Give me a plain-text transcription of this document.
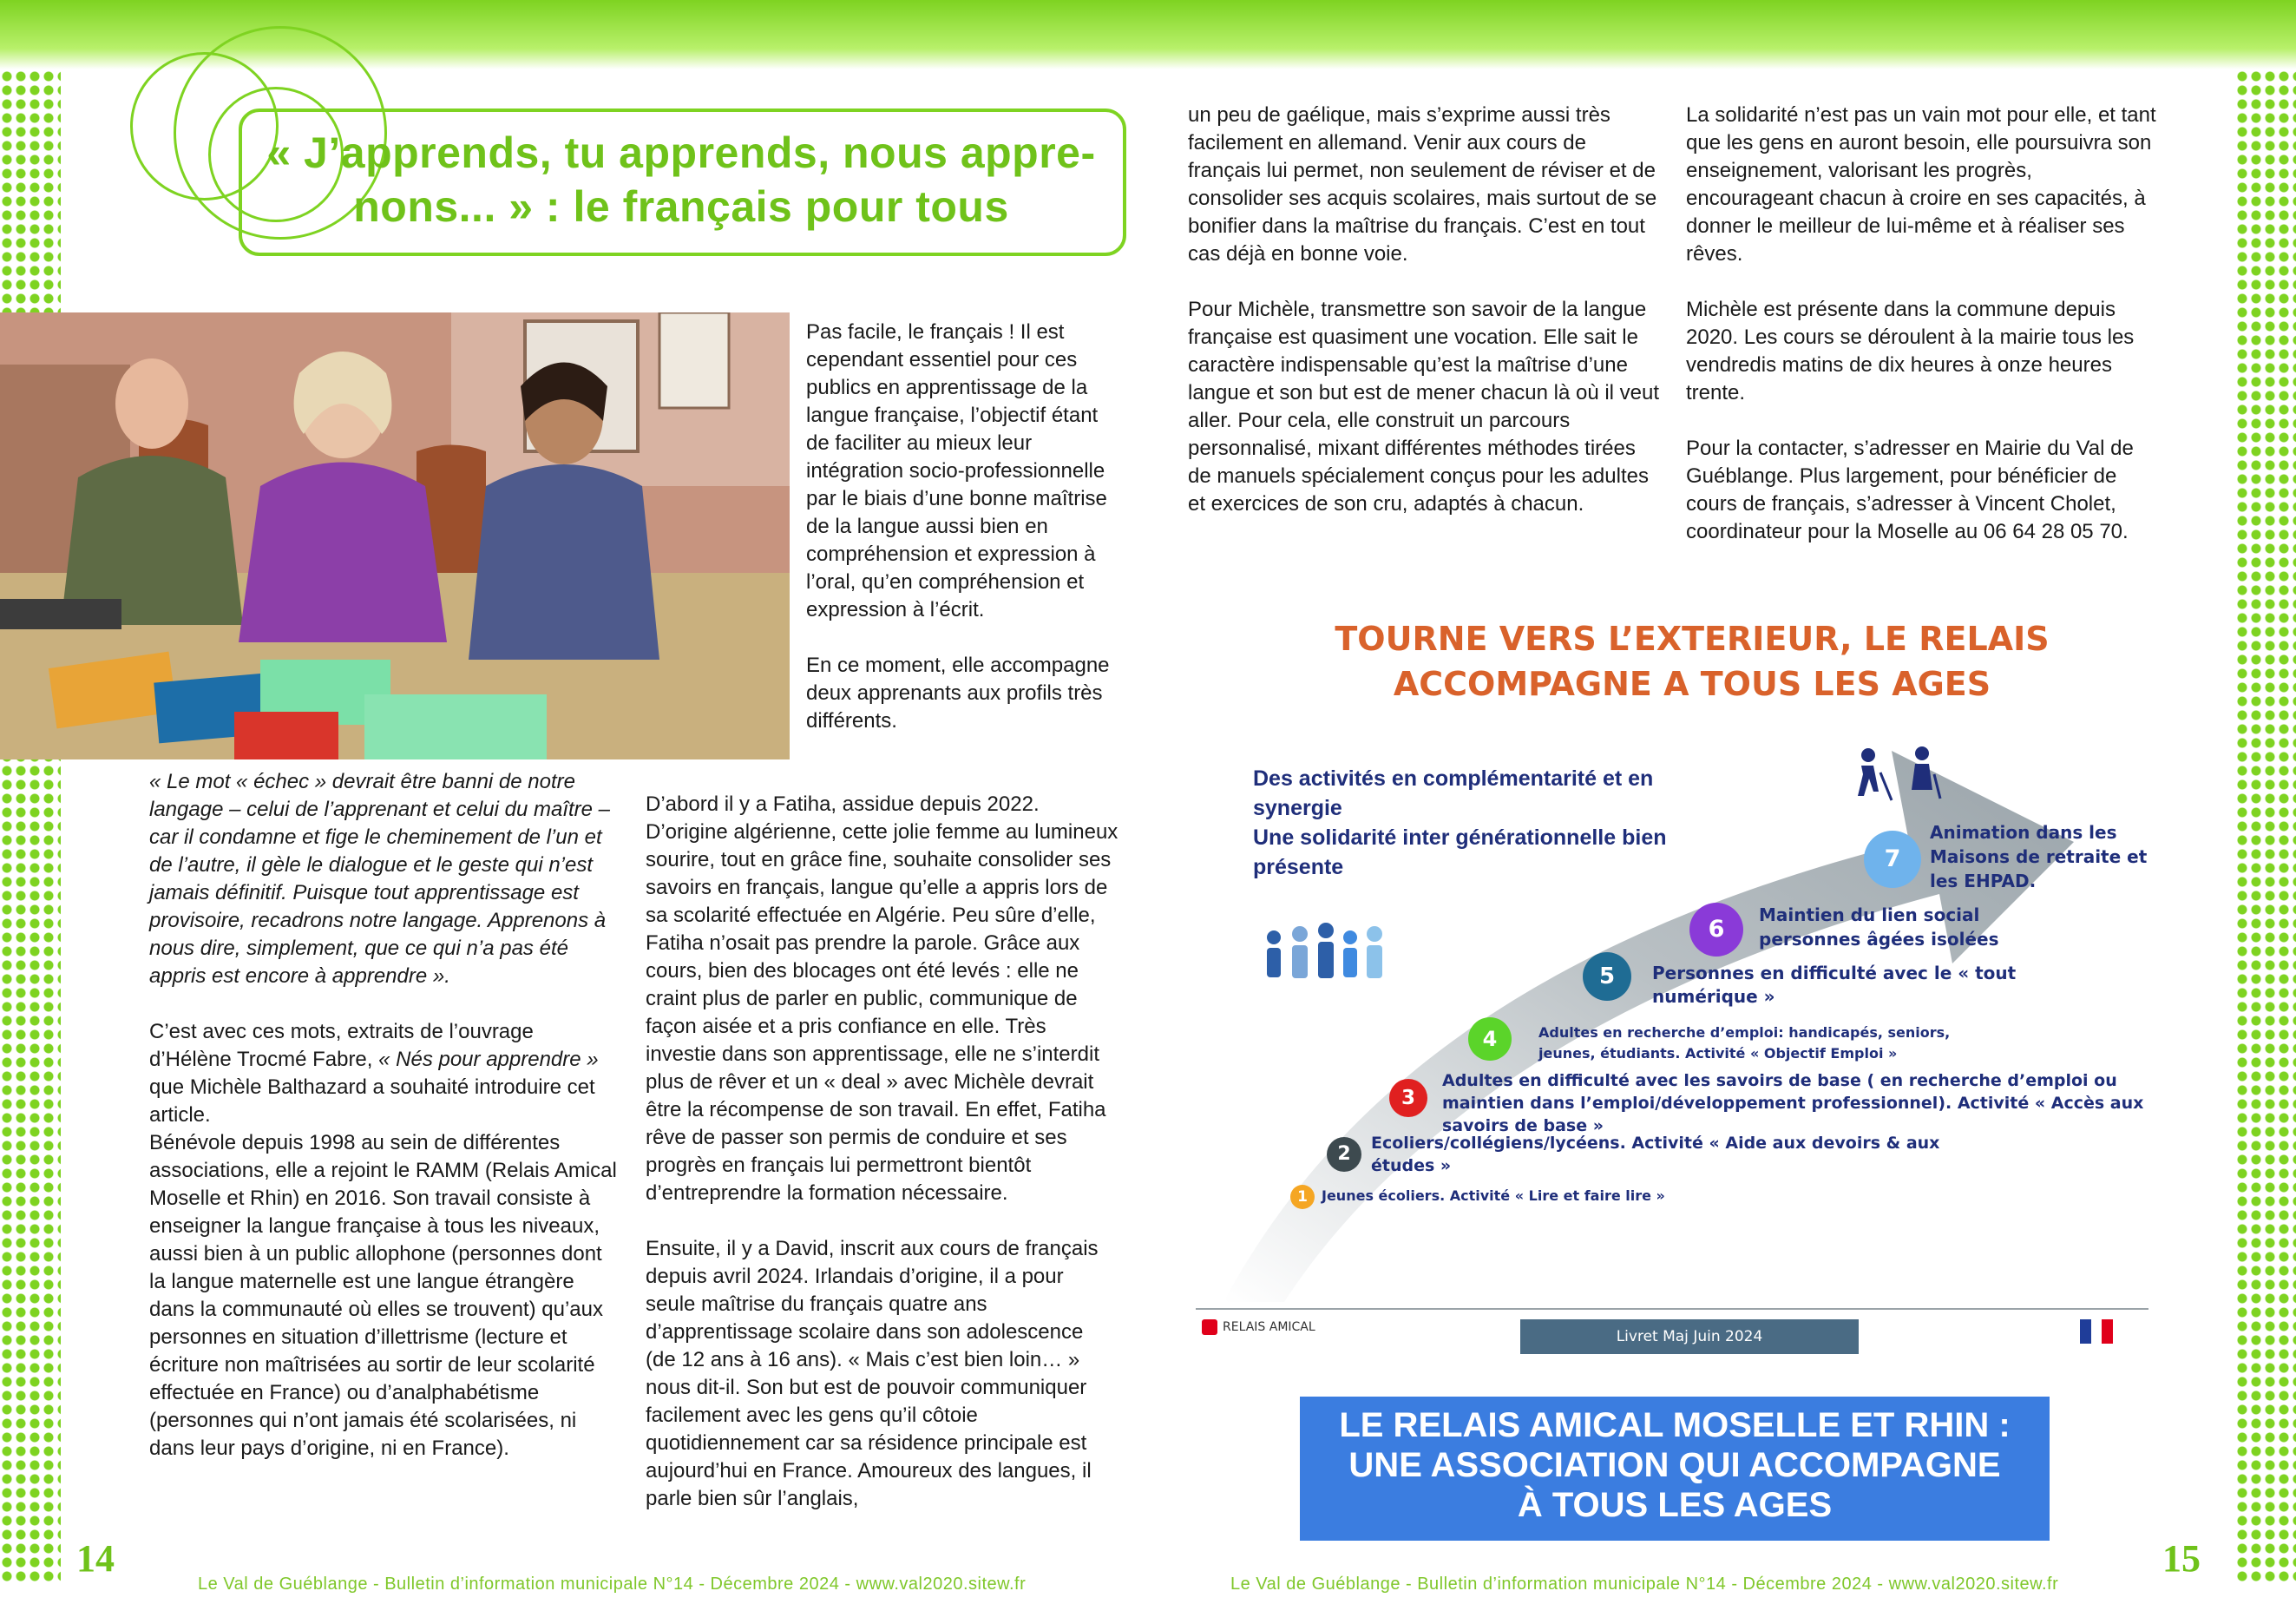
« J’apprends, tu apprends, nous appre-
nons... » : le français pour tous

Pas facile, le français ! Il est cependant essentiel pour ces publics en apprentissage de la langue française, l’objectif étant de faciliter au mieux leur intégration socio-professionnelle par le biais d’une bonne maîtrise de la langue aussi bien en compréhension et expression à l’oral, qu’en compréhension et expression à l’écrit.

En ce moment, elle accompagne deux apprenants aux profils très différents.

« Le mot « échec » devrait être banni de notre langage – celui de l’apprenant et celui du maître – car il condamne et fige le cheminement de l’un et de l’autre, il gèle le dialogue et le geste qui n’est jamais définitif. Puisque tout apprentissage est provisoire, recadrons notre langage. Apprenons à nous dire, simplement, que ce qui n’a pas été appris est encore à apprendre ».

C’est avec ces mots, extraits de l’ouvrage d’Hélène Trocmé Fabre, « Nés pour apprendre » que Michèle Balthazard a souhaité introduire cet article.
Bénévole depuis 1998 au sein de différentes associations, elle a rejoint le RAMM (Relais Amical Moselle et Rhin) en 2016. Son travail consiste à enseigner la langue française à tous les niveaux, aussi bien à un public allophone (personnes dont la langue maternelle est une langue étrangère dans la communauté où elles se trouvent) qu’aux personnes en situation d’illettrisme (lecture et écriture non maîtrisées au sortir de leur scolarité effectuée en France) ou d’analphabétisme (personnes qui n’ont jamais été scolarisées, ni dans leur pays d’origine, ni en France).

D’abord il y a Fatiha, assidue depuis 2022. D’origine algérienne, cette jolie femme au lumineux sourire, tout en grâce fine, souhaite consolider ses savoirs en français, langue qu’elle a appris lors de sa scolarité effectuée en Algérie. Peu sûre d’elle, Fatiha n’osait pas prendre la parole. Grâce aux cours, bien des blocages ont été levés : elle ne craint plus de parler en public, communique de façon aisée et a pris confiance en elle. Très investie dans son apprentissage, elle ne s’interdit plus de rêver et un « deal » avec Michèle devrait être la récompense de son travail. En effet, Fatiha rêve de passer son permis de conduire et ses progrès en français lui permettront bientôt d’entreprendre la formation nécessaire.

Ensuite, il y a David, inscrit aux cours de français depuis avril 2024. Irlandais d’origine, il a pour seule maîtrise du français quatre ans d’apprentissage scolaire dans son adolescence (de 12 ans à 16 ans). « Mais c’est bien loin… » nous dit-il. Son but est de pouvoir communiquer facilement avec les gens qu’il côtoie quotidiennement car sa résidence principale est aujourd’hui en France. Amoureux des langues, il parle bien sûr l’anglais,

un peu de gaélique, mais s’exprime aussi très facilement en allemand. Venir aux cours de français lui permet, non seulement de réviser et de consolider ses acquis scolaires, mais surtout de se bonifier dans la maîtrise du français. C’est en tout cas déjà en bonne voie.

Pour Michèle, transmettre son savoir de la langue française est quasiment une vocation. Elle sait le caractère indispensable qu’est la maîtrise d’une langue et son but est de mener chacun là où il veut aller. Pour cela, elle construit un parcours personnalisé, mixant différentes méthodes tirées de manuels spécialement conçus pour les adultes et exercices de son cru, adaptés à chacun.

La solidarité n’est pas un vain mot pour elle, et tant que les gens en auront besoin, elle poursuivra son enseignement, valorisant les progrès, encourageant chacun à croire en ses capacités, à donner le meilleur de lui-même et à réaliser ses rêves.

Michèle est présente dans la commune depuis 2020. Les cours se déroulent à la mairie tous les vendredis matins de dix heures à onze heures trente.

Pour la contacter, s’adresser en Mairie du Val de Guéblange. Plus largement, pour bénéficier de cours de français, s’adresser à Vincent Cholet, coordinateur pour la Moselle au 06 64 28 05 70.

TOURNE VERS L’EXTERIEUR, LE RELAIS
ACCOMPAGNE A TOUS LES AGES
Des activités en complémentarité et en
synergie
Une solidarité inter générationnelle bien
présente
1	Jeunes écoliers. Activité « Lire et faire lire »
2	Ecoliers/collégiens/lycéens. Activité « Aide aux devoirs & aux
études »
3
Adultes en difficulté avec les savoirs de base ( en recherche d’emploi ou
maintien dans l’emploi/développement professionnel). Activité « Accès aux
savoirs de base »
4	Adultes en recherche d’emploi: handicapés, seniors,
jeunes, étudiants. Activité « Objectif Emploi »
5	Personnes en difficulté avec le « tout
numérique »
6
Maintien du lien social
personnes âgées isolées
7
Animation dans les
Maisons de retraite et
les EHPAD.
RELAIS AMICAL
Livret Maj Juin 2024
LE RELAIS AMICAL MOSELLE ET RHIN :
UNE ASSOCIATION QUI ACCOMPAGNE
À TOUS LES AGES
14	15
Le Val de Guéblange - Bulletin d’information municipale N°14 - Décembre 2024 - www.val2020.sitew.fr	Le Val de Guéblange - Bulletin d’information municipale N°14 - Décembre 2024 - www.val2020.sitew.fr
